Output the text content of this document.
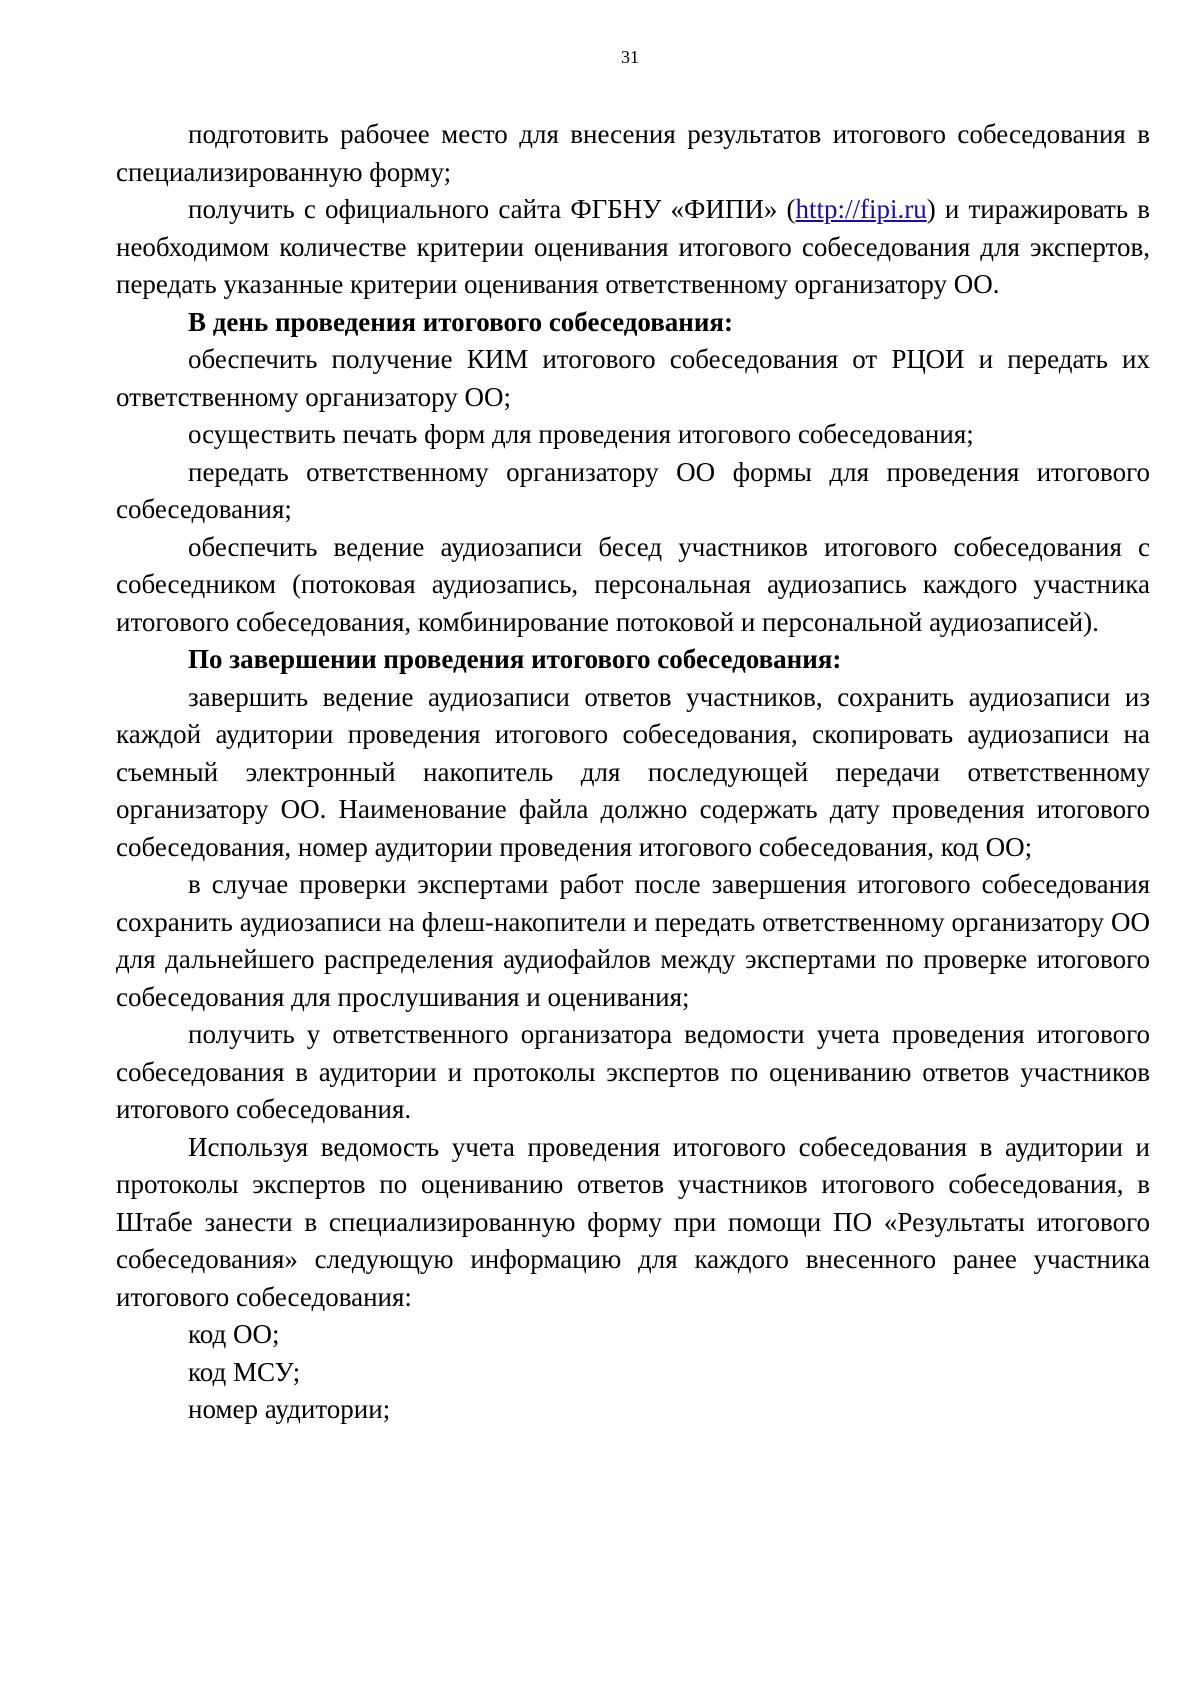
31

подготовить рабочее место для внесения результатов итогового собеседования в специализированную форму;

получить с официального сайта ФГБНУ «ФИПИ» (http://fipi.ru) и тиражировать в необходимом количестве критерии оценивания итогового собеседования для экспертов, передать указанные критерии оценивания ответственному организатору ОО.

В день проведения итогового собеседования:

обеспечить получение КИМ итогового собеседования от РЦОИ и передать их ответственному организатору ОО;

осуществить печать форм для проведения итогового собеседования;

передать ответственному организатору ОО формы для проведения итогового собеседования;

обеспечить ведение аудиозаписи бесед участников итогового собеседования с собеседником (потоковая аудиозапись, персональная аудиозапись каждого участника итогового собеседования, комбинирование потоковой и персональной аудиозаписей).

По завершении проведения итогового собеседования:

завершить ведение аудиозаписи ответов участников, сохранить аудиозаписи из каждой аудитории проведения итогового собеседования, скопировать аудиозаписи на съемный электронный накопитель для последующей передачи ответственному организатору ОО. Наименование файла должно содержать дату проведения итогового собеседования, номер аудитории проведения итогового собеседования, код ОО;

в случае проверки экспертами работ после завершения итогового собеседования сохранить аудиозаписи на флеш-накопители и передать ответственному организатору ОО для дальнейшего распределения аудиофайлов между экспертами по проверке итогового собеседования для прослушивания и оценивания;

получить у ответственного организатора ведомости учета проведения итогового собеседования в аудитории и протоколы экспертов по оцениванию ответов участников итогового собеседования.

Используя ведомость учета проведения итогового собеседования в аудитории и протоколы экспертов по оцениванию ответов участников итогового собеседования, в Штабе занести в специализированную форму при помощи ПО «Результаты итогового собеседования» следующую информацию для каждого внесенного ранее участника итогового собеседования:

код ОО;

код МСУ;

номер аудитории;
